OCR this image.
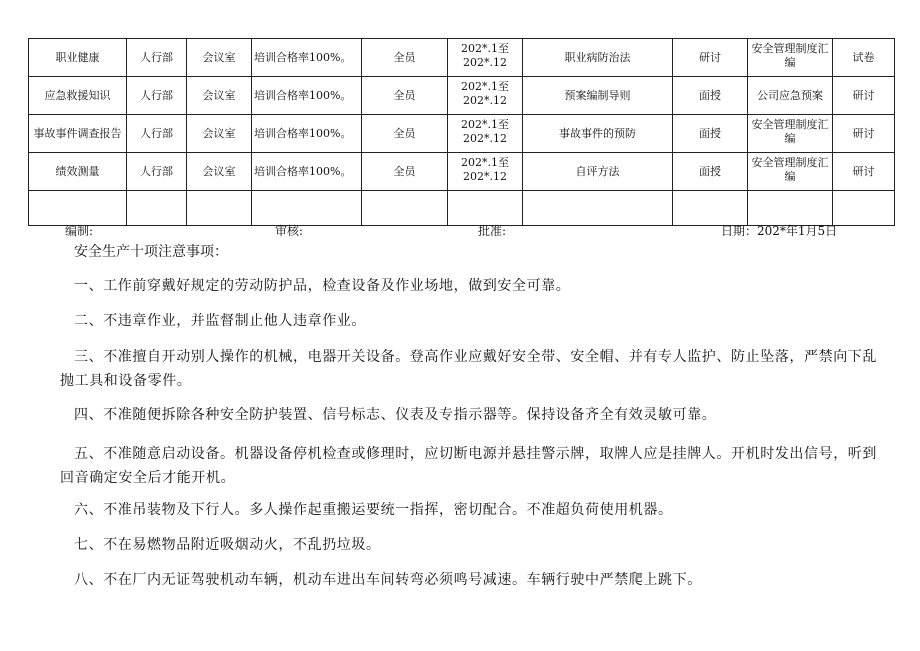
职业健康	人行部	会议室	培训合格率100%。	全员	202*.1至202*.12	职业病防治法	研讨	安全管理制度汇编	试卷
应急救援知识	人行部	会议室	培训合格率100%。	全员	202*.1至202*.12	预案编制导则	面授	公司应急预案	研讨
事故事件调查报告	人行部	会议室	培训合格率100%。	全员	202*.1至202*.12	事故事件的预防	面授	安全管理制度汇编	研讨
绩效测量	人行部	会议室	培训合格率100%。	全员	202*.1至202*.12	自评方法	面授	安全管理制度汇编	研讨

编制:	审核:	批准:	日期：202*年1月5日

安全生产十项注意事项：

一、工作前穿戴好规定的劳动防护品，检查设备及作业场地，做到安全可靠。

二、不违章作业，并监督制止他人违章作业。

三、不准擅自开动别人操作的机械，电器开关设备。登高作业应戴好安全带、安全帽、并有专人监护、防止坠落，严禁向下乱抛工具和设备零件。

四、不准随便拆除各种安全防护装置、信号标志、仪表及专指示器等。保持设备齐全有效灵敏可靠。

五、不准随意启动设备。机器设备停机检查或修理时，应切断电源并悬挂警示牌，取牌人应是挂牌人。开机时发出信号，听到回音确定安全后才能开机。

六、不准吊装物及下行人。多人操作起重搬运要统一指挥，密切配合。不准超负荷使用机器。

七、不在易燃物品附近吸烟动火，不乱扔垃圾。

八、不在厂内无证驾驶机动车辆，机动车进出车间转弯必须鸣号减速。车辆行驶中严禁爬上跳下。
